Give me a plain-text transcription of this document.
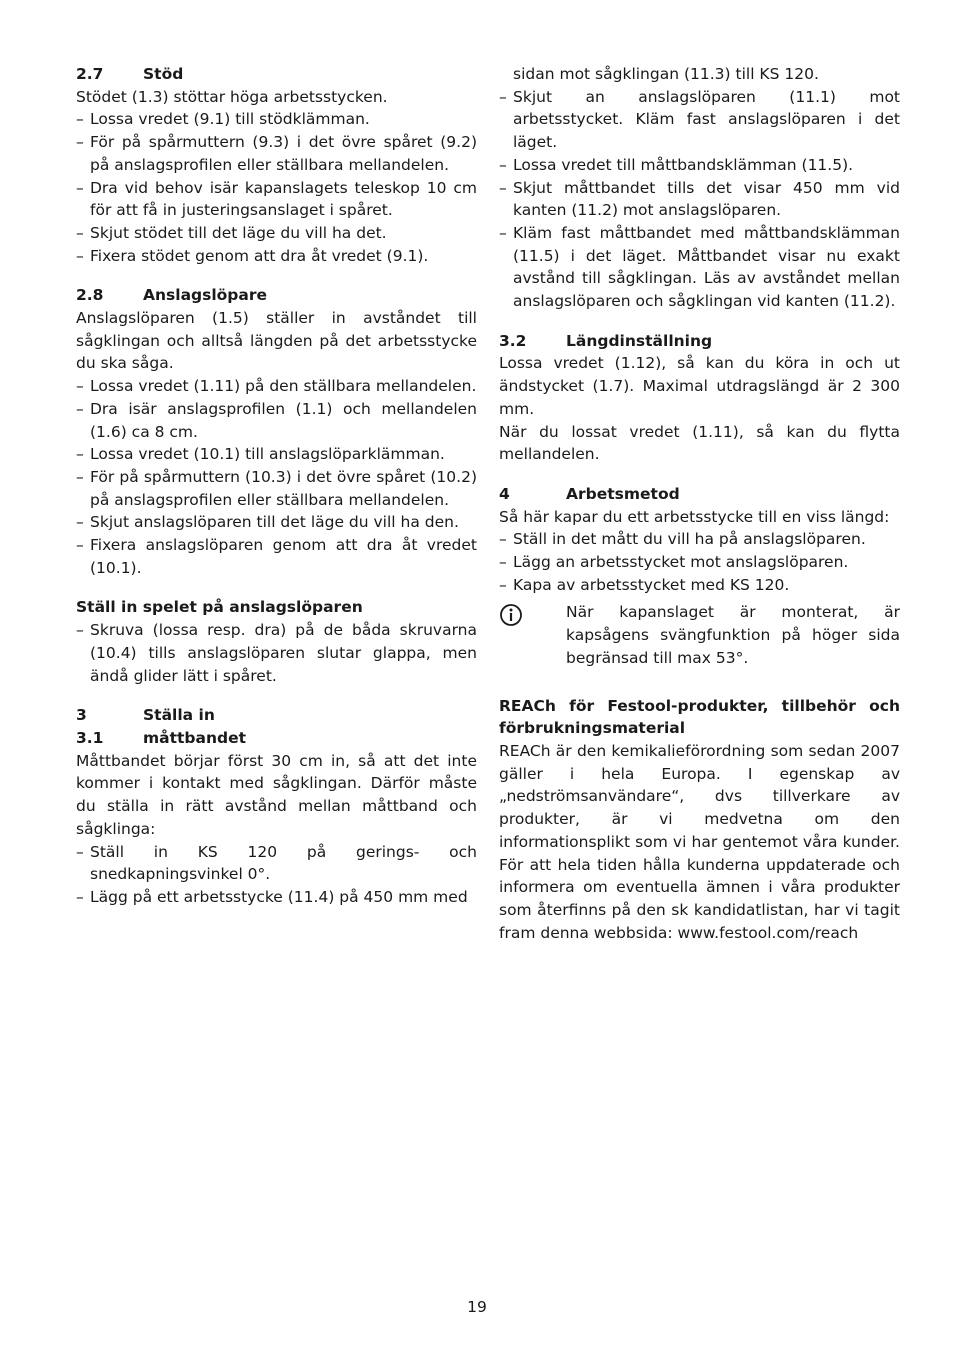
2.7	Stöd

Stödet (1.3) stöttar höga arbetsstycken.

– Lossa vredet (9.1) till stödklämman.
– För på spårmuttern (9.3) i det övre spåret (9.2) på anslagsprofilen eller ställbara mellandelen.
– Dra vid behov isär kapanslagets teleskop 10 cm för att få in justeringsanslaget i spåret.
– Skjut stödet till det läge du vill ha det.
– Fixera stödet genom att dra åt vredet (9.1).
2.8	Anslagslöpare

Anslagslöparen (1.5) ställer in avståndet till sågklingan och alltså längden på det arbetsstycke du ska såga.

– Lossa vredet (1.11) på den ställbara mellandelen.
– Dra isär anslagsprofilen (1.1) och mellandelen (1.6) ca 8 cm.
– Lossa vredet (10.1) till anslagslöparklämman.
– För på spårmuttern (10.3) i det övre spåret (10.2) på anslagsprofilen eller ställbara mellandelen.
– Skjut anslagslöparen till det läge du vill ha den.
– Fixera anslagslöparen genom att dra åt vredet (10.1).

Ställ in spelet på anslagslöparen

– Skruva (lossa resp. dra) på de båda skruvarna (10.4) tills anslagslöparen slutar glappa, men ändå glider lätt i spåret.
3	Ställa in
3.1	måttbandet

Måttbandet börjar först 30 cm in, så att det inte kommer i kontakt med sågklingan. Därför måste du ställa in rätt avstånd mellan måttband och sågklinga:

– Ställ in KS 120 på gerings- och snedkapningsvinkel 0°.
– Lägg på ett arbetsstycke (11.4) på 450 mm med
sidan mot sågklingan (11.3) till KS 120.
– Skjut an anslagslöparen (11.1) mot arbetsstycket. Kläm fast anslagslöparen i det läget.
– Lossa vredet till måttbandsklämman (11.5).
– Skjut måttbandet tills det visar 450 mm vid kanten (11.2) mot anslagslöparen.
– Kläm fast måttbandet med måttbandsklämman (11.5) i det läget. Måttbandet visar nu exakt avstånd till sågklingan. Läs av avståndet mellan anslagslöparen och sågklingan vid kanten (11.2).
3.2	Längdinställning

Lossa vredet (1.12), så kan du köra in och ut ändstycket (1.7). Maximal utdragslängd är 2 300 mm.

När du lossat vredet (1.11), så kan du flytta mellandelen.

4	Arbetsmetod

Så här kapar du ett arbetsstycke till en viss längd:

– Ställ in det mått du vill ha på anslagslöparen.
– Lägg an arbetsstycket mot anslagslöparen.
– Kapa av arbetsstycket med KS 120.

När kapanslaget är monterat, är kapsågens svängfunktion på höger sida begränsad till max 53°.

REACh för Festool-produkter, tillbehör och förbrukningsmaterial

REACh är den kemikalieförordning som sedan 2007 gäller i hela Europa. I egenskap av „nedströmsanvändare“, dvs tillverkare av produkter, är vi medvetna om den informationsplikt som vi har gentemot våra kunder. För att hela tiden hålla kunderna uppdaterade och informera om eventuella ämnen i våra produkter som återfinns på den sk kandidatlistan, har vi tagit fram denna webbsida: www.festool.com/reach

19
